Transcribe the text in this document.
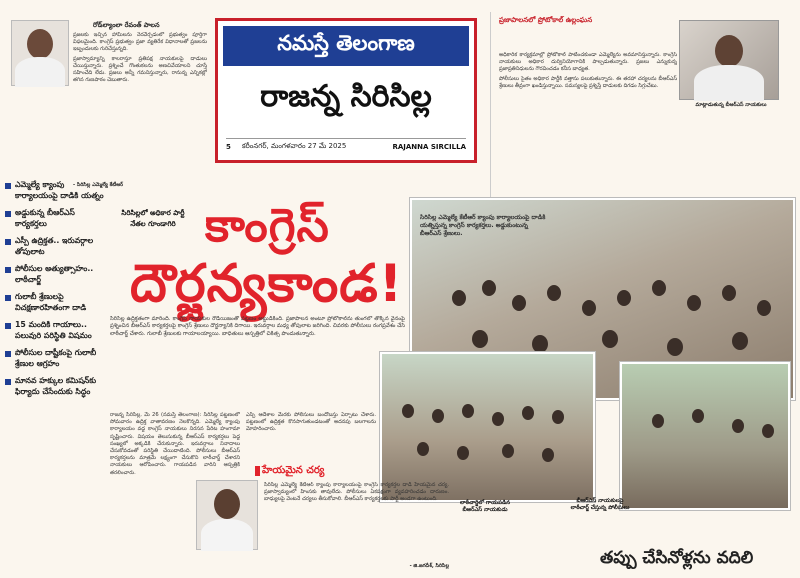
నమస్తే తెలంగాణ
రాజన్న సిరిసిల్ల
5	కరీంనగర్, మంగళవారం 27 మే 2025	RAJANNA SIRCILLA
రోడ్‌ల్యాంలా రేవంత్ పాలన

ప్రజలకు ఇచ్చిన హామీలను నెరవేర్చడంలో ప్రభుత్వం పూర్తిగా విఫలమైంది. కాంగ్రెస్ ప్రభుత్వం ప్రజా వ్యతిరేక విధానాలతో ప్రజలను ఇబ్బందులకు గురిచేస్తున్నది.

ప్రజాస్వామ్యాన్ని కాలరాస్తూ ప్రతిపక్ష నాయకులపై దాడులు చేయిస్తున్నారు. ప్రశ్నించే గొంతుకలను అణచివేయాలని చూస్తే సహించేది లేదు. ప్రజలు అన్నీ గమనిస్తున్నారు, రానున్న ఎన్నికల్లో తగిన గుణపాఠం చెబుతారు.

- సిరిసిల్ల ఎమ్మెల్యే కేటీఆర్
ప్రజాపాలనలో ప్రోటోకాల్ ఉల్లంఘన
మాట్లాడుతున్న బీఆర్ఎస్ నాయకులు

అధికారిక కార్యక్రమాల్లో ప్రోటోకాల్ పాటించకుండా ఎమ్మెల్యేను అవమానిస్తున్నారు. కాంగ్రెస్ నాయకులు అధికార దుర్వినియోగానికి పాల్పడుతున్నారు. ప్రజలు ఎన్నుకున్న ప్రజాప్రతినిధులను గౌరవించడం కనీస బాధ్యత.

పోలీసులు సైతం అధికార పార్టీకి వత్తాసు పలుకుతున్నారు. ఈ తరహా చర్యలను బీఆర్ఎస్ శ్రేణులు తీవ్రంగా ఖండిస్తున్నాయి. సమస్యలపై ప్రశ్నిస్తే దాడులకు దిగడం సిగ్గుచేటు.

ఎమ్మెల్యే క్యాంపు కార్యాలయంపై దాడికి యత్నం
అడ్డుకున్న బీఆర్ఎస్ కార్యకర్తలు
ఎస్పీ ఉద్రిక్తత.. ఇరువర్గాల తోపులాట
పోలీసుల అత్యుత్సాహం.. లాఠీచార్జ్
గులాబీ శ్రేణులపై విచక్షణారహితంగా దాడి
15 మందికి గాయాలు.. పలువురి పరిస్థితి విషమం
పోలీసుల దాష్టీకంపై గులాబీ శ్రేణుల ఆగ్రహం
మానవ హక్కుల కమిషన్‌కు ఫిర్యాదు చేసేందుకు సిద్ధం
సిరిసిల్లలో అధికార పార్టీ నేతల గూండాగిరి కాంగ్రెస్
దౌర్జన్యకాండ!
సిరిసిల్ల ఎమ్మెల్యే కేటీఆర్ క్యాంపు కార్యాలయంపై దాడికి యత్నిస్తున్న కాంగ్రెస్ కార్యకర్తలు. అడ్డుకుంటున్న బీఆర్ఎస్ శ్రేణులు.
సిరిసిల్ల ఉద్రిక్తతంగా మారింది. కాంగ్రెస్ నాయకుల రౌడీయిజంతో పట్టణం అట్టుడికింది. ప్రజాపాలన అంటూ ప్రోటోకాల్‌ను తుంగలో తొక్కిన వైనంపై ప్రశ్నించిన బీఆర్ఎస్ కార్యకర్తలపై కాంగ్రెస్ శ్రేణులు దౌర్జన్యానికి దిగాయి. ఇరువర్గాల మధ్య తోపులాట జరిగింది. చివరకు పోలీసులు రంగప్రవేశం చేసి లాఠీచార్జ్ చేశారు. గులాబీ శ్రేణులకు గాయాలయ్యాయి. బాధితులు ఆస్పత్రిలో చికిత్స పొందుతున్నారు.
లాఠీచార్జిలో గాయపడిన బీఆర్ఎస్ నాయకుడు
బీఆర్ఎస్ నాయకులపై లాఠీచార్జ్ చేస్తున్న పోలీసులు
రాజన్న సిరిసిల్ల, మే 26 (నమస్తే తెలంగాణ): సిరిసిల్ల పట్టణంలో సోమవారం ఉద్రిక్త వాతావరణం నెలకొన్నది. ఎమ్మెల్యే క్యాంపు కార్యాలయం వద్ద కాంగ్రెస్ నాయకులు నిరసన పేరిట హంగామా సృష్టించారు. విషయం తెలుసుకున్న బీఆర్ఎస్ కార్యకర్తలు పెద్ద సంఖ్యలో అక్కడికి చేరుకున్నారు. ఇరువర్గాలు నినాదాలు చేసుకోవడంతో పరిస్థితి చేయిదాటింది. పోలీసులు బీఆర్ఎస్ కార్యకర్తలను మాత్రమే లక్ష్యంగా చేసుకొని లాఠీచార్జ్ చేశారని నాయకులు ఆరోపించారు. గాయపడిన వారిని ఆస్పత్రికి తరలించారు.
ఎస్పీ ఆదేశాల మేరకు పోలీసులు బందోబస్తు ఏర్పాటు చేశారు. పట్టణంలో ఉద్రిక్తత కొనసాగుతుండటంతో అదనపు బలగాలను మోహరించారు.
హేయమైన చర్య
సిరిసిల్ల ఎమ్మెల్యే కేటీఆర్ క్యాంపు కార్యాలయంపై కాంగ్రెస్ కార్యకర్తల దాడి హేయమైన చర్య. ప్రజాస్వామ్యంలో హింసకు తావులేదు. పోలీసులు ఏకపక్షంగా వ్యవహరించడం దారుణం. బాధ్యులపై వెంటనే చర్యలు తీసుకోవాలి. బీఆర్ఎస్ కార్యకర్తలకు పార్టీ అండగా ఉంటుంది.
- జి.జగదీశ్, సిరిసిల్ల	తప్పు చేసినోళ్లను వదిలి
